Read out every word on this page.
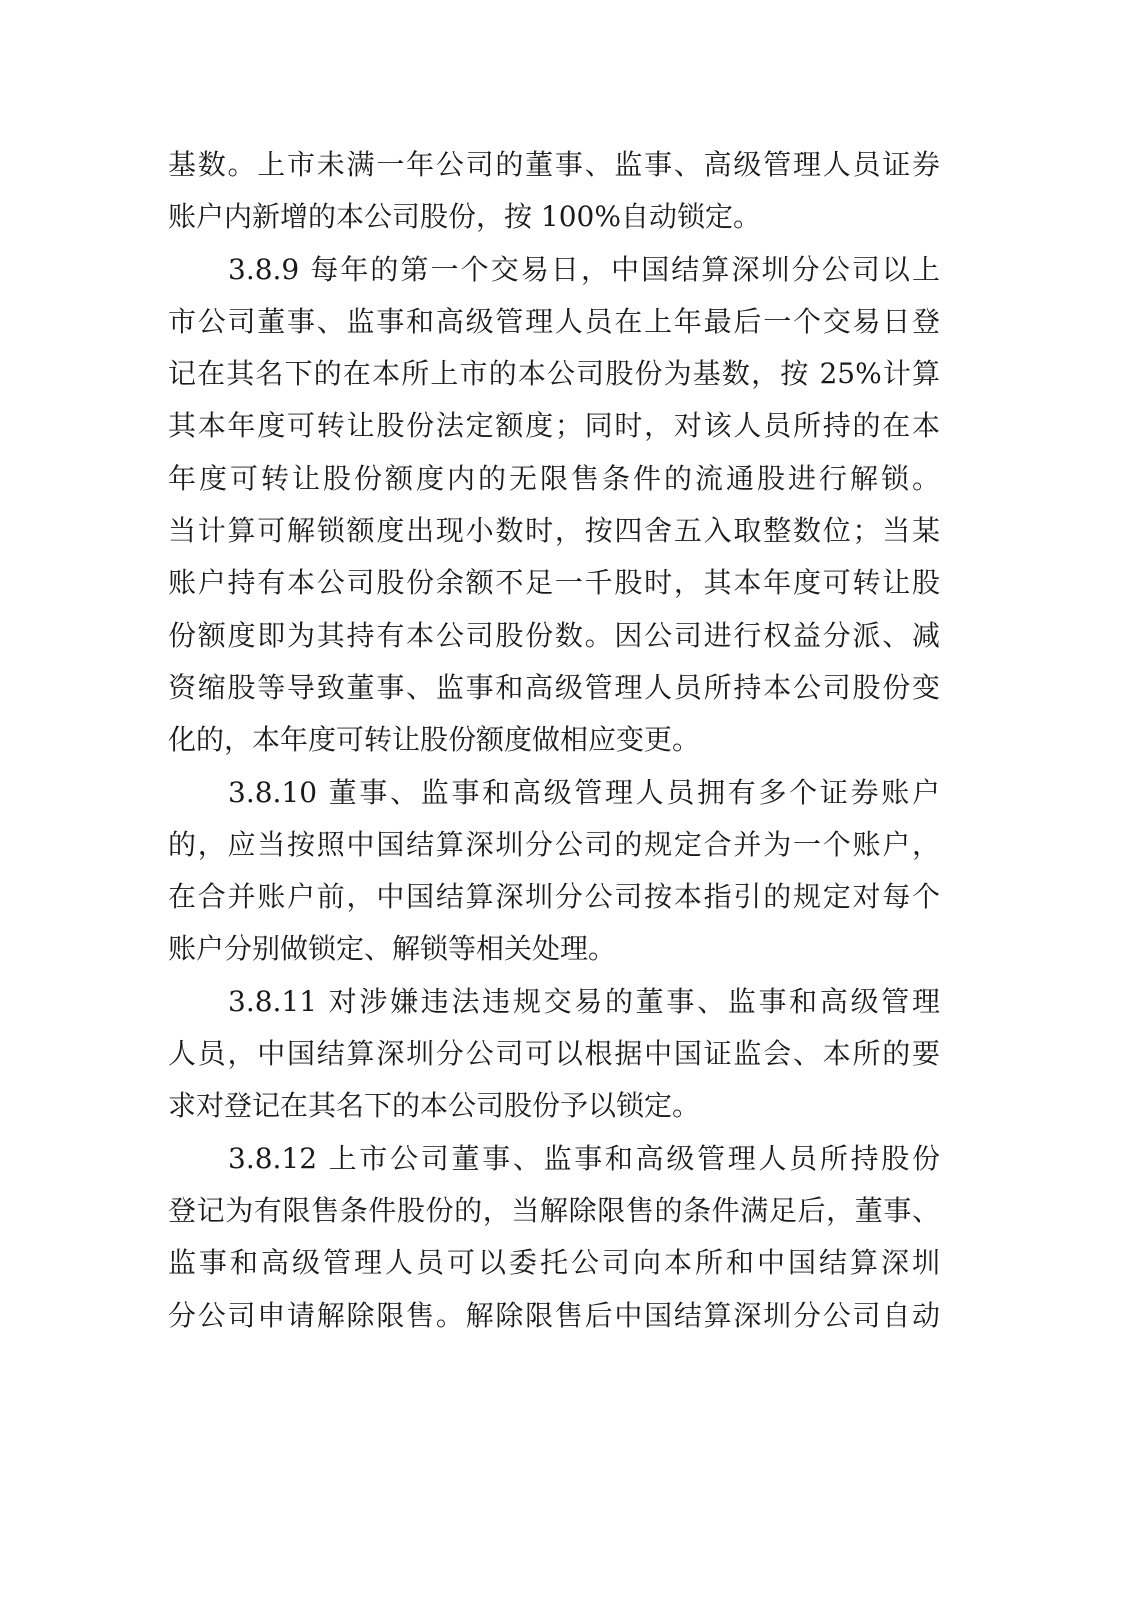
基数。上市未满一年公司的董事、监事、高级管理人员证券
账户内新增的本公司股份，按 100%自动锁定。
3.8.9 每年的第一个交易日，中国结算深圳分公司以上
市公司董事、监事和高级管理人员在上年最后一个交易日登
记在其名下的在本所上市的本公司股份为基数，按 25%计算
其本年度可转让股份法定额度；同时，对该人员所持的在本
年度可转让股份额度内的无限售条件的流通股进行解锁。
当计算可解锁额度出现小数时，按四舍五入取整数位；当某
账户持有本公司股份余额不足一千股时，其本年度可转让股
份额度即为其持有本公司股份数。因公司进行权益分派、减
资缩股等导致董事、监事和高级管理人员所持本公司股份变
化的，本年度可转让股份额度做相应变更。
3.8.10 董事、监事和高级管理人员拥有多个证券账户
的，应当按照中国结算深圳分公司的规定合并为一个账户，
在合并账户前，中国结算深圳分公司按本指引的规定对每个
账户分别做锁定、解锁等相关处理。
3.8.11 对涉嫌违法违规交易的董事、监事和高级管理
人员，中国结算深圳分公司可以根据中国证监会、本所的要
求对登记在其名下的本公司股份予以锁定。
3.8.12 上市公司董事、监事和高级管理人员所持股份
登记为有限售条件股份的，当解除限售的条件满足后，董事、
监事和高级管理人员可以委托公司向本所和中国结算深圳
分公司申请解除限售。解除限售后中国结算深圳分公司自动
